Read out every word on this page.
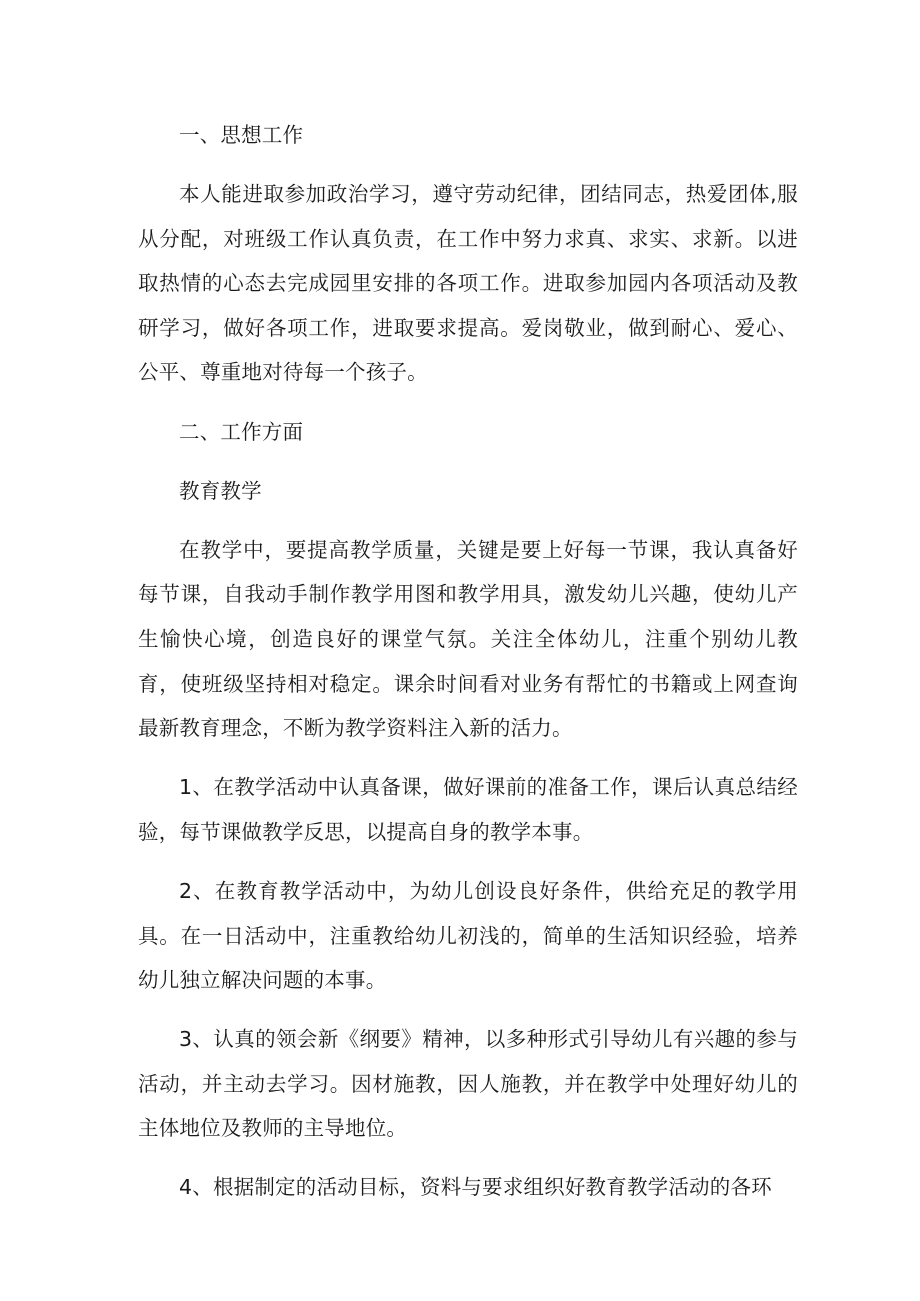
一、思想工作

本人能进取参加政治学习，遵守劳动纪律，团结同志，热爱团体,服从分配，对班级工作认真负责，在工作中努力求真、求实、求新。以进取热情的心态去完成园里安排的各项工作。进取参加园内各项活动及教研学习，做好各项工作，进取要求提高。爱岗敬业，做到耐心、爱心、公平、尊重地对待每一个孩子。

二、工作方面

教育教学

在教学中，要提高教学质量，关键是要上好每一节课，我认真备好每节课，自我动手制作教学用图和教学用具，激发幼儿兴趣，使幼儿产生愉快心境，创造良好的课堂气氛。关注全体幼儿，注重个别幼儿教育，使班级坚持相对稳定。课余时间看对业务有帮忙的书籍或上网查询最新教育理念，不断为教学资料注入新的活力。

1、在教学活动中认真备课，做好课前的准备工作，课后认真总结经验，每节课做教学反思，以提高自身的教学本事。

2、在教育教学活动中，为幼儿创设良好条件，供给充足的教学用具。在一日活动中，注重教给幼儿初浅的，简单的生活知识经验，培养幼儿独立解决问题的本事。

3、认真的领会新《纲要》精神，以多种形式引导幼儿有兴趣的参与活动，并主动去学习。因材施教，因人施教，并在教学中处理好幼儿的主体地位及教师的主导地位。

4、根据制定的活动目标，资料与要求组织好教育教学活动的各环
